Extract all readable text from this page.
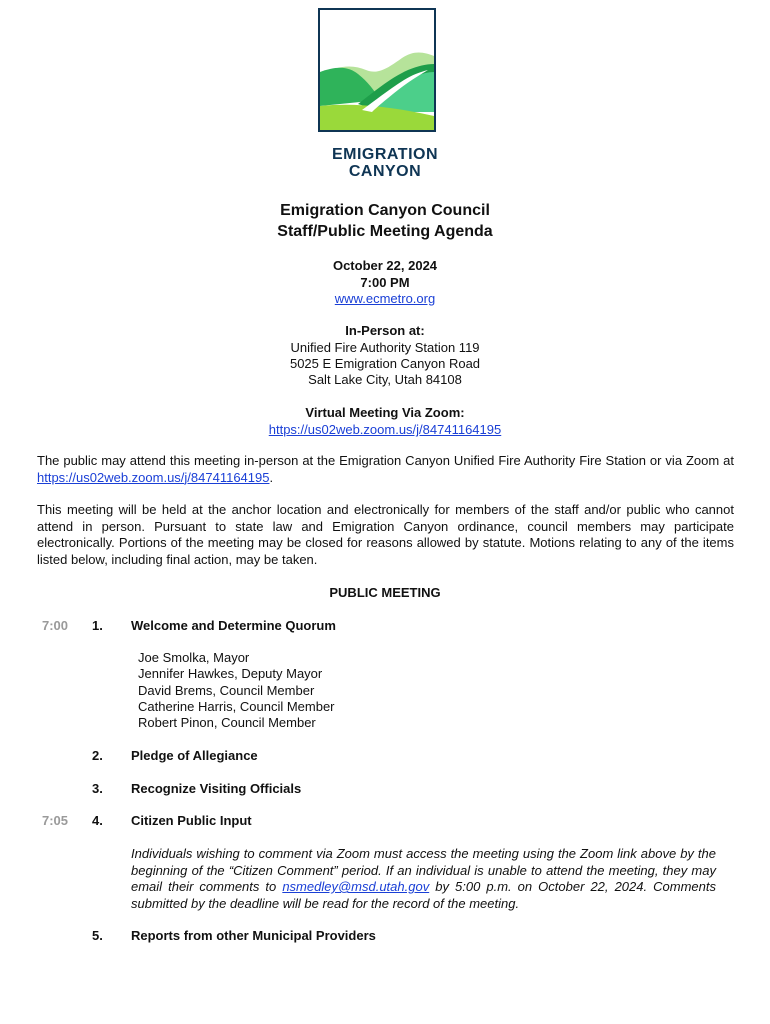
EMIGRATION
CANYON
Emigration Canyon Council
Staff/Public Meeting Agenda
October 22, 2024
7:00 PM
www.ecmetro.org
In-Person at:
Unified Fire Authority Station 119
5025 E Emigration Canyon Road
Salt Lake City, Utah 84108
Virtual Meeting Via Zoom:
https://us02web.zoom.us/j/84741164195
The public may attend this meeting in-person at the Emigration Canyon Unified Fire Authority Fire Station or via Zoom at https://us02web.zoom.us/j/84741164195.
This meeting will be held at the anchor location and electronically for members of the staff and/or public who cannot attend in person. Pursuant to state law and Emigration Canyon ordinance, council members may participate electronically. Portions of the meeting may be closed for reasons allowed by statute. Motions relating to any of the items listed below, including final action, may be taken.
PUBLIC MEETING
7:00 1. Welcome and Determine Quorum
Joe Smolka, Mayor
Jennifer Hawkes, Deputy Mayor
David Brems, Council Member
Catherine Harris, Council Member
Robert Pinon, Council Member
2. Pledge of Allegiance
3. Recognize Visiting Officials
7:05 4. Citizen Public Input
Individuals wishing to comment via Zoom must access the meeting using the Zoom link above by the beginning of the “Citizen Comment” period. If an individual is unable to attend the meeting, they may email their comments to nsmedley@msd.utah.gov by 5:00 p.m. on October 22, 2024. Comments submitted by the deadline will be read for the record of the meeting.
5. Reports from other Municipal Providers
